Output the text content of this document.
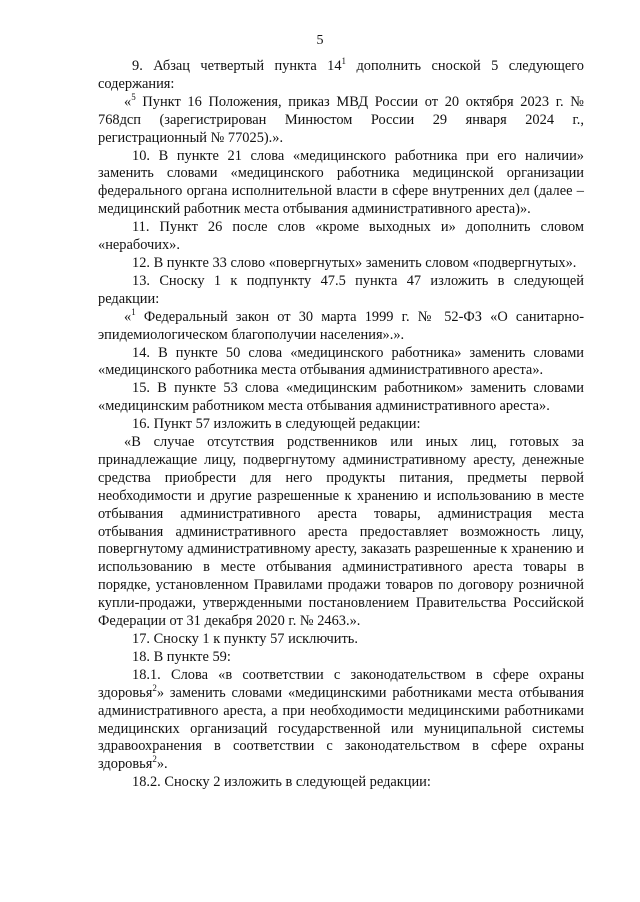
5

9. Абзац четвертый пункта $14^1$ дополнить сноской 5 следующего содержания:

«$^5$ Пункт 16 Положения, приказ МВД России от 20 октября 2023 г. № 768дсп (зарегистрирован Минюстом России 29 января 2024 г., регистрационный № 77025).».

10. В пункте 21 слова «медицинского работника при его наличии» заменить словами «медицинского работника медицинской организации федерального органа исполнительной власти в сфере внутренних дел (далее – медицинский работник места отбывания административного ареста)».

11. Пункт 26 после слов «кроме выходных и» дополнить словом «нерабочих».

12. В пункте 33 слово «повергнутых» заменить словом «подвергнутых».

13. Сноску 1 к подпункту 47.5 пункта 47 изложить в следующей редакции:

«$^1$ Федеральный закон от 30 марта 1999 г. № 52-ФЗ «О санитарно-эпидемиологическом благополучии населения».».

14. В пункте 50 слова «медицинского работника» заменить словами «медицинского работника места отбывания административного ареста».

15. В пункте 53 слова «медицинским работником» заменить словами «медицинским работником места отбывания административного ареста».

16. Пункт 57 изложить в следующей редакции:

«В случае отсутствия родственников или иных лиц, готовых за принадлежащие лицу, подвергнутому административному аресту, денежные средства приобрести для него продукты питания, предметы первой необходимости и другие разрешенные к хранению и использованию в месте отбывания административного ареста товары, администрация места отбывания административного ареста предоставляет возможность лицу, повергнутому административному аресту, заказать разрешенные к хранению и использованию в месте отбывания административного ареста товары в порядке, установленном Правилами продажи товаров по договору розничной купли-продажи, утвержденными постановлением Правительства Российской Федерации от 31 декабря 2020 г. № 2463.».

17. Сноску 1 к пункту 57 исключить.

18. В пункте 59:

18.1. Слова «в соответствии с законодательством в сфере охраны здоровья$^2$» заменить словами «медицинскими работниками места отбывания административного ареста, а при необходимости медицинскими работниками медицинских организаций государственной или муниципальной системы здравоохранения в соответствии с законодательством в сфере охраны здоровья$^2$».

18.2. Сноску 2 изложить в следующей редакции:
